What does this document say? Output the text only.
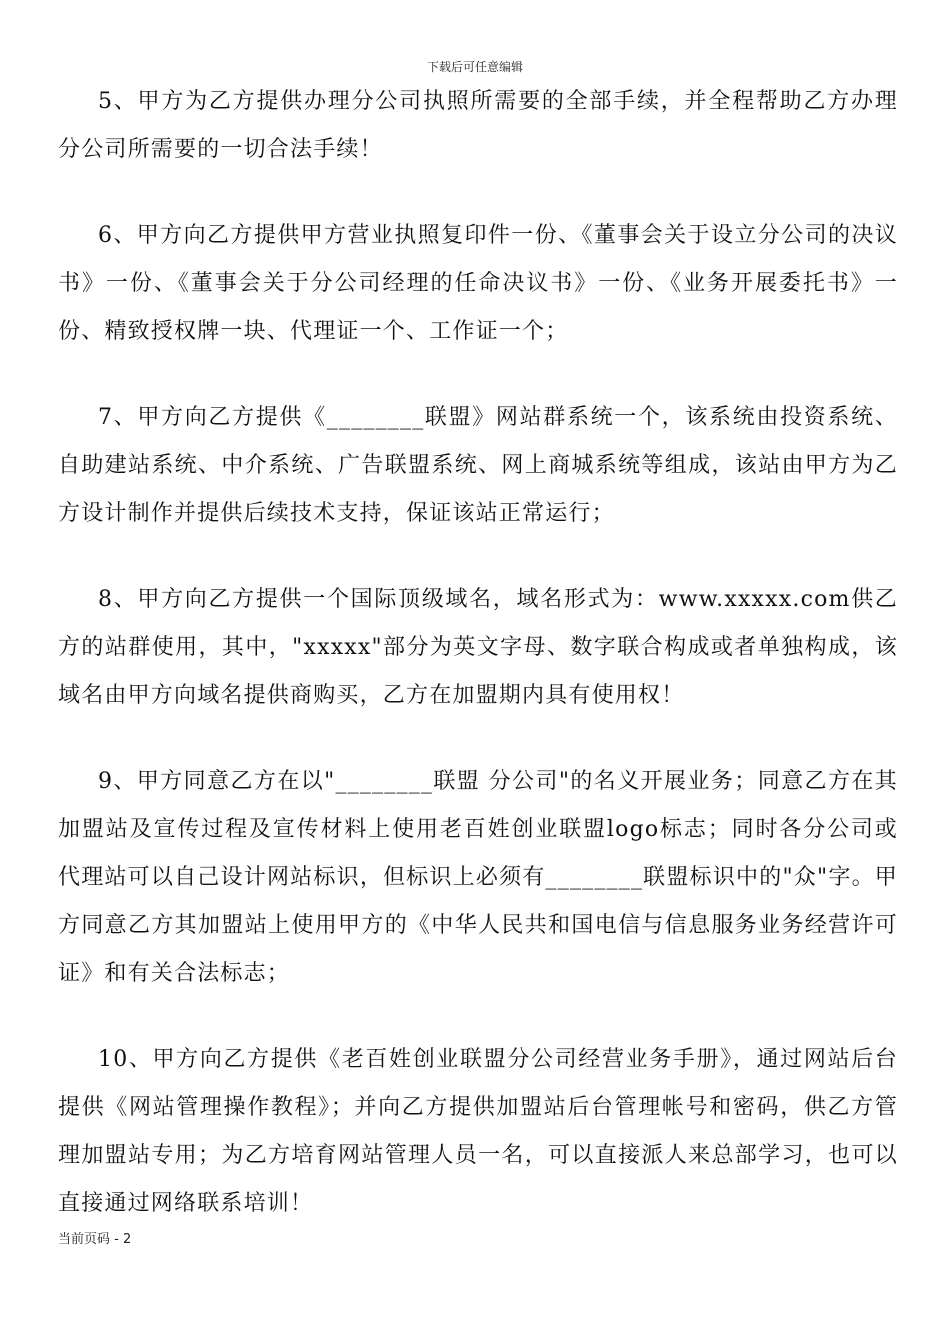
下载后可任意编辑

5、甲方为乙方提供办理分公司执照所需要的全部手续，并全程帮助乙方办理分公司所需要的一切合法手续！

6、甲方向乙方提供甲方营业执照复印件一份、《董事会关于设立分公司的决议书》一份、《董事会关于分公司经理的任命决议书》一份、《业务开展委托书》一份、精致授权牌一块、代理证一个、工作证一个；

7、甲方向乙方提供《________联盟》网站群系统一个，该系统由投资系统、自助建站系统、中介系统、广告联盟系统、网上商城系统等组成，该站由甲方为乙方设计制作并提供后续技术支持，保证该站正常运行；

8、甲方向乙方提供一个国际顶级域名，域名形式为：www.xxxxx.com供乙方的站群使用，其中，"xxxxx"部分为英文字母、数字联合构成或者单独构成，该域名由甲方向域名提供商购买，乙方在加盟期内具有使用权！

9、甲方同意乙方在以"________联盟 分公司"的名义开展业务；同意乙方在其加盟站及宣传过程及宣传材料上使用老百姓创业联盟logo标志；同时各分公司或代理站可以自己设计网站标识，但标识上必须有________联盟标识中的"众"字。甲方同意乙方其加盟站上使用甲方的《中华人民共和国电信与信息服务业务经营许可证》和有关合法标志；

10、甲方向乙方提供《老百姓创业联盟分公司经营业务手册》，通过网站后台提供《网站管理操作教程》；并向乙方提供加盟站后台管理帐号和密码，供乙方管理加盟站专用；为乙方培育网站管理人员一名，可以直接派人来总部学习，也可以直接通过网络联系培训！

当前页码 - 2
